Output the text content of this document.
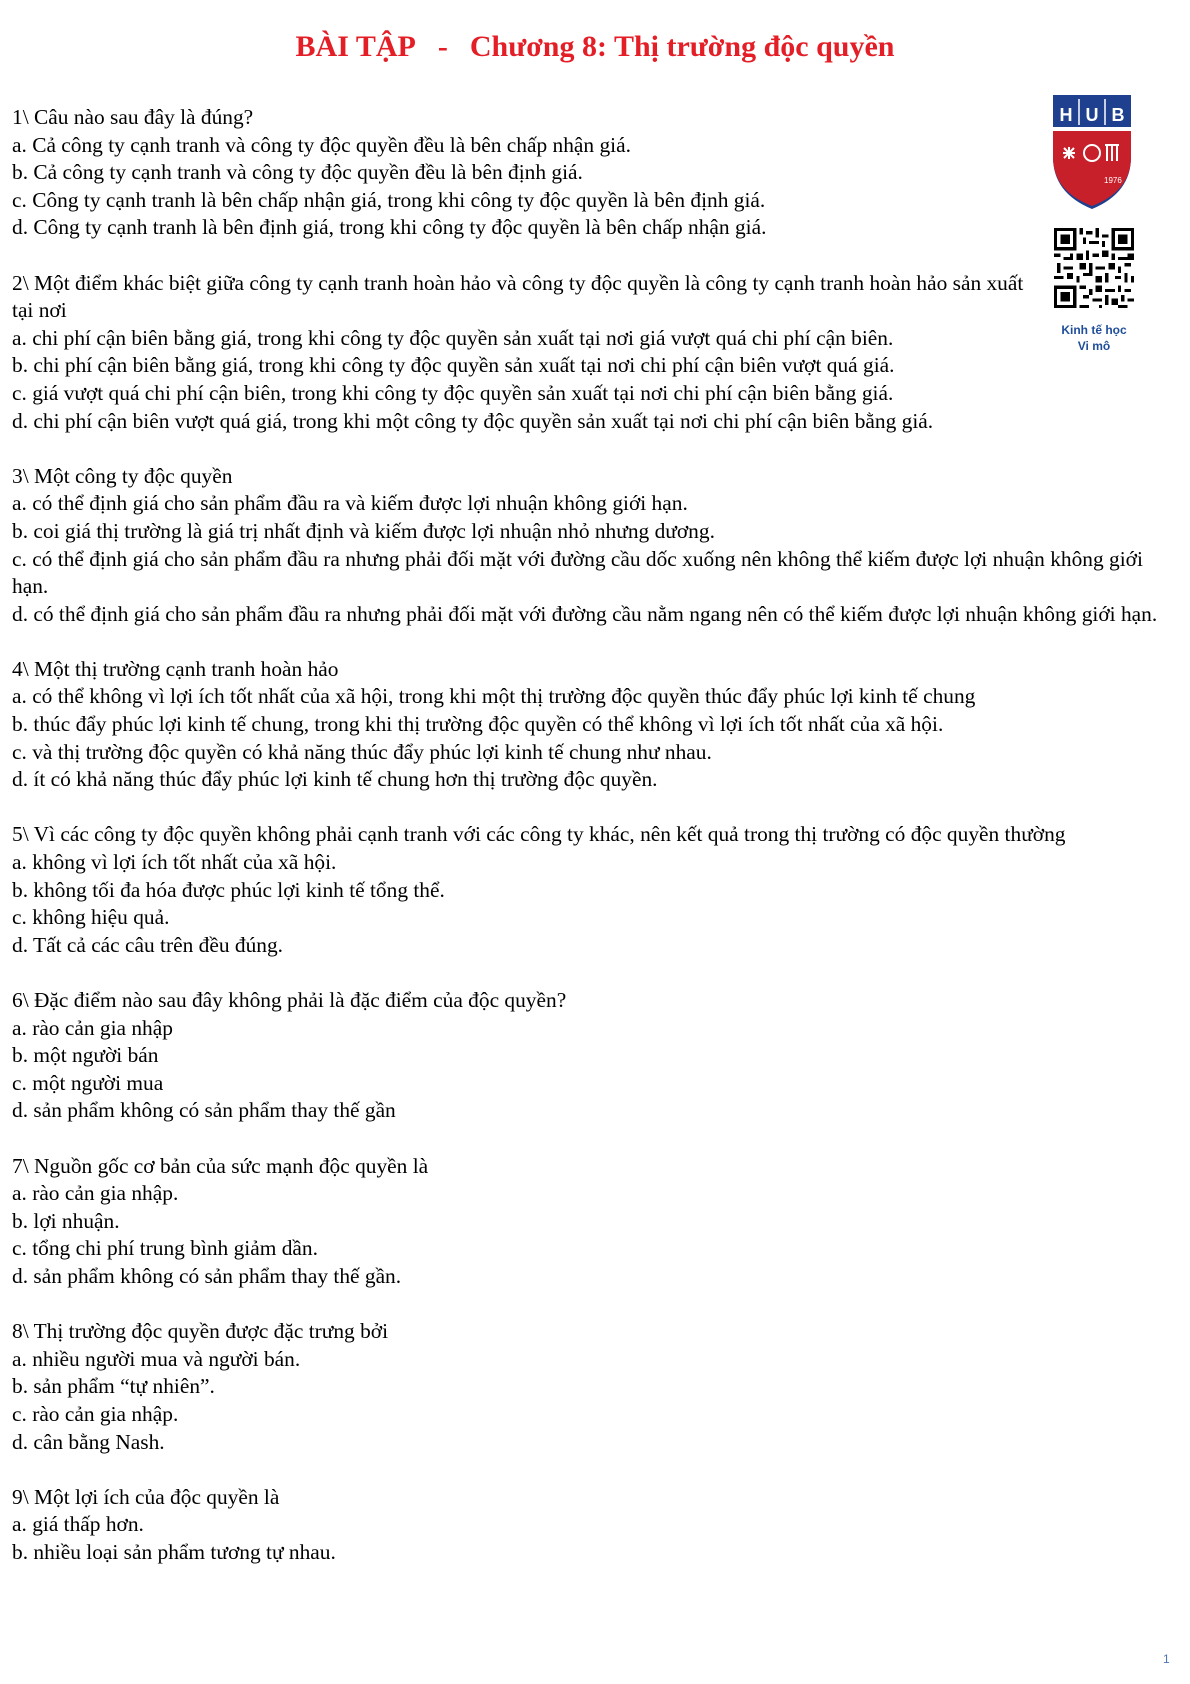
BÀI TẬP - Chương 8: Thị trường độc quyền
H U B
1976
Kinh tế học
Vi mô

1\ Câu nào sau đây là đúng?

a. Cả công ty cạnh tranh và công ty độc quyền đều là bên chấp nhận giá.

b. Cả công ty cạnh tranh và công ty độc quyền đều là bên định giá.

c. Công ty cạnh tranh là bên chấp nhận giá, trong khi công ty độc quyền là bên định giá.

d. Công ty cạnh tranh là bên định giá, trong khi công ty độc quyền là bên chấp nhận giá.

2\ Một điểm khác biệt giữa công ty cạnh tranh hoàn hảo và công ty độc quyền là công ty cạnh tranh hoàn hảo sản xuất tại nơi

a. chi phí cận biên bằng giá, trong khi công ty độc quyền sản xuất tại nơi giá vượt quá chi phí cận biên.

b. chi phí cận biên bằng giá, trong khi công ty độc quyền sản xuất tại nơi chi phí cận biên vượt quá giá.

c. giá vượt quá chi phí cận biên, trong khi công ty độc quyền sản xuất tại nơi chi phí cận biên bằng giá.

d. chi phí cận biên vượt quá giá, trong khi một công ty độc quyền sản xuất tại nơi chi phí cận biên bằng giá.

3\ Một công ty độc quyền

a. có thể định giá cho sản phẩm đầu ra và kiếm được lợi nhuận không giới hạn.

b. coi giá thị trường là giá trị nhất định và kiếm được lợi nhuận nhỏ nhưng dương.

c. có thể định giá cho sản phẩm đầu ra nhưng phải đối mặt với đường cầu dốc xuống nên không thể kiếm được lợi nhuận không giới hạn.

d. có thể định giá cho sản phẩm đầu ra nhưng phải đối mặt với đường cầu nằm ngang nên có thể kiếm được lợi nhuận không giới hạn.

4\ Một thị trường cạnh tranh hoàn hảo

a. có thể không vì lợi ích tốt nhất của xã hội, trong khi một thị trường độc quyền thúc đẩy phúc lợi kinh tế chung

b. thúc đẩy phúc lợi kinh tế chung, trong khi thị trường độc quyền có thể không vì lợi ích tốt nhất của xã hội.

c. và thị trường độc quyền có khả năng thúc đẩy phúc lợi kinh tế chung như nhau.

d. ít có khả năng thúc đẩy phúc lợi kinh tế chung hơn thị trường độc quyền.

5\ Vì các công ty độc quyền không phải cạnh tranh với các công ty khác, nên kết quả trong thị trường có độc quyền thường

a. không vì lợi ích tốt nhất của xã hội.

b. không tối đa hóa được phúc lợi kinh tế tổng thể.

c. không hiệu quả.

d. Tất cả các câu trên đều đúng.

6\ Đặc điểm nào sau đây không phải là đặc điểm của độc quyền?

a. rào cản gia nhập

b. một người bán

c. một người mua

d. sản phẩm không có sản phẩm thay thế gần

7\ Nguồn gốc cơ bản của sức mạnh độc quyền là

a. rào cản gia nhập.

b. lợi nhuận.

c. tổng chi phí trung bình giảm dần.

d. sản phẩm không có sản phẩm thay thế gần.

8\ Thị trường độc quyền được đặc trưng bởi

a. nhiều người mua và người bán.

b. sản phẩm “tự nhiên”.

c. rào cản gia nhập.

d. cân bằng Nash.

9\ Một lợi ích của độc quyền là

a. giá thấp hơn.

b. nhiều loại sản phẩm tương tự nhau.

1
